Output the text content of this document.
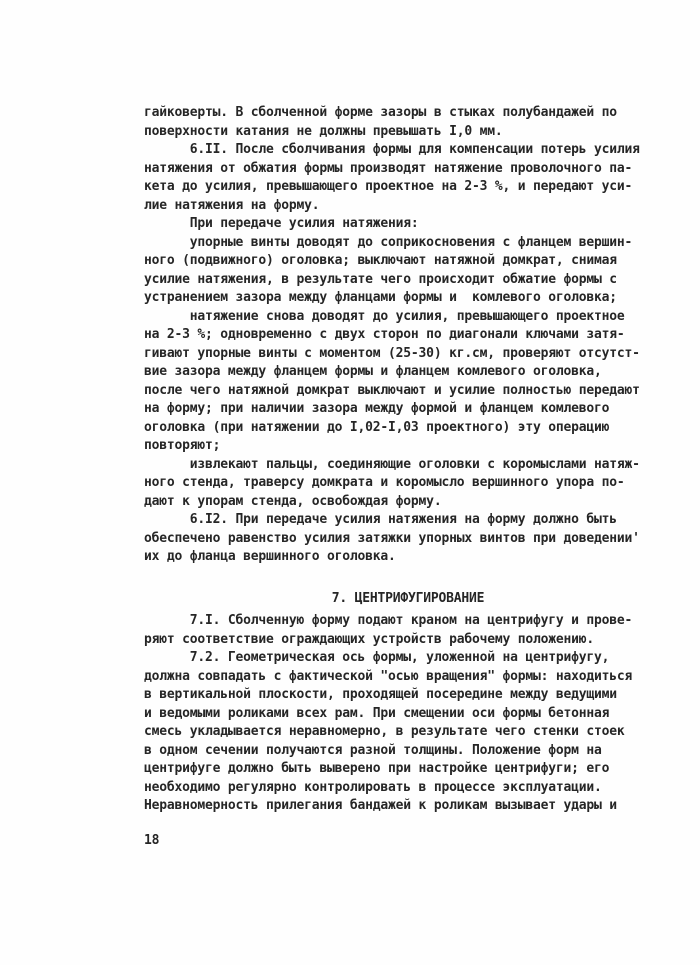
гайковерты. В сболченной форме зазоры в стыках полубандажей по
поверхности катания не должны превышать I,0 мм.
6.II. После сболчивания формы для компенсации потерь усилия
натяжения от обжатия формы производят натяжение проволочного па-
кета до усилия, превышающего проектное на 2-3 %, и передают уси-
лие натяжения на форму.
При передаче усилия натяжения:
упорные винты доводят до соприкосновения с фланцем вершин-
ного (подвижного) оголовка; выключают натяжной домкрат, снимая
усилие натяжения, в результате чего происходит обжатие формы с
устранением зазора между фланцами формы и  комлевого оголовка;
натяжение снова доводят до усилия, превышающего проектное
на 2-3 %; одновременно с двух сторон по диагонали ключами затя-
гивают упорные винты с моментом (25-30) кг.см, проверяют отсутст-
вие зазора между фланцем формы и фланцем комлевого оголовка,
после чего натяжной домкрат выключают и усилие полностью передают
на форму; при наличии зазора между формой и фланцем комлевого
оголовка (при натяжении до I,02-I,03 проектного) эту операцию
повторяют;
извлекают пальцы, соединяющие оголовки с коромыслами натяж-
ного стенда, траверсу домкрата и коромысло вершинного упора по-
дают к упорам стенда, освобождая форму.
6.I2. При передаче усилия натяжения на форму должно быть
обеспечено равенство усилия затяжки упорных винтов при доведении'
их до фланца вершинного оголовка.
7. ЦЕНТРИФУГИРОВАНИЕ
7.I. Сболченную форму подают краном на центрифугу и прове-
ряют соответствие ограждающих устройств рабочему положению.
7.2. Геометрическая ось формы, уложенной на центрифугу,
должна совпадать с фактической "осью вращения" формы: находиться
в вертикальной плоскости, проходящей посередине между ведущими
и ведомыми роликами всех рам. При смещении оси формы бетонная
смесь укладывается неравномерно, в результате чего стенки стоек
в одном сечении получаются разной толщины. Положение форм на
центрифуге должно быть выверено при настройке центрифуги; его
необходимо регулярно контролировать в процессе эксплуатации.
Неравномерность прилегания бандажей к роликам вызывает удары и
18
